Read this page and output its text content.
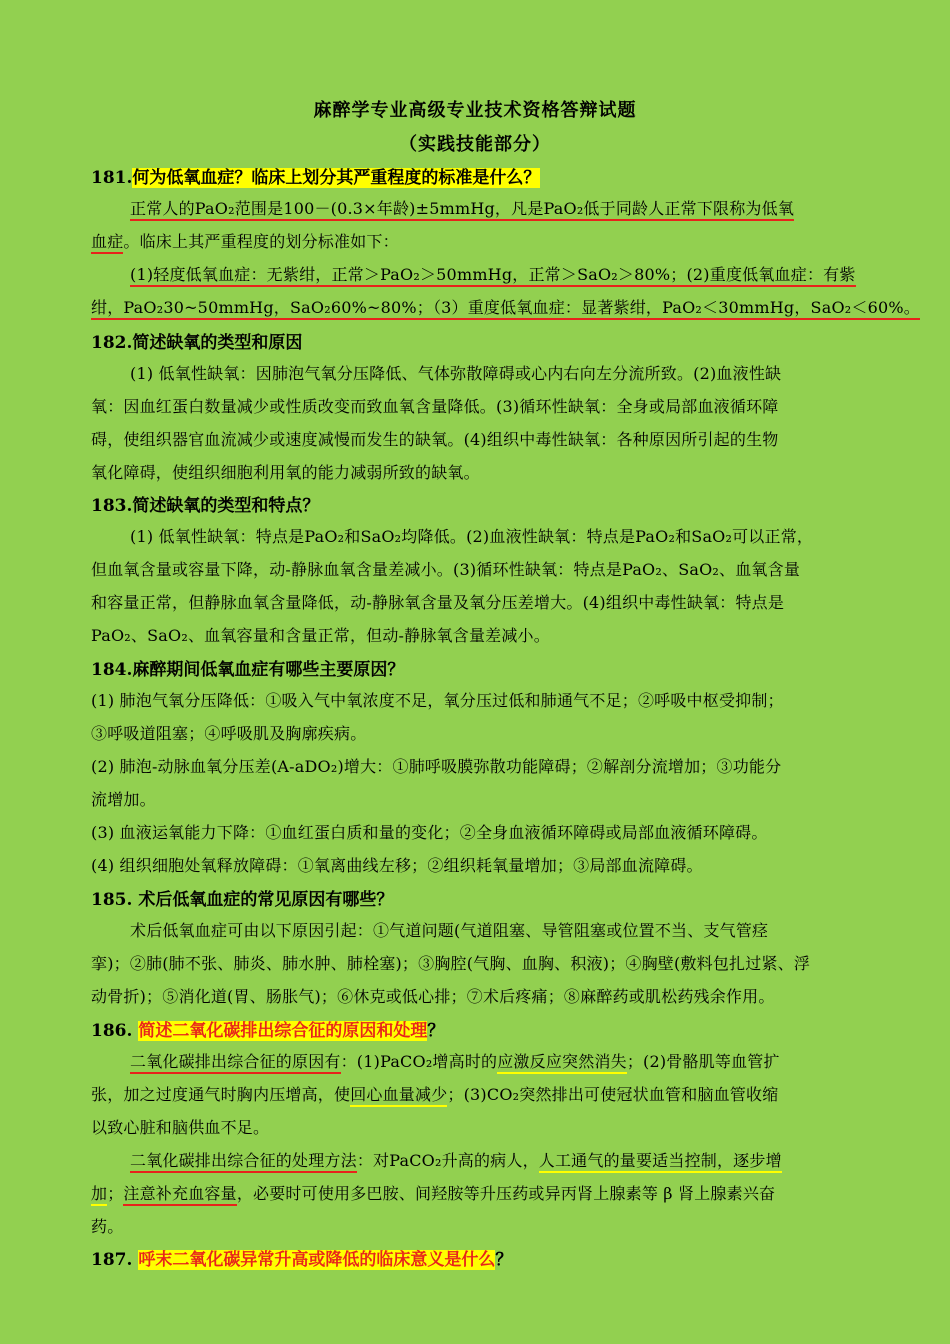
麻醉学专业高级专业技术资格答辩试题
（实践技能部分）
181.何为低氧血症？临床上划分其严重程度的标准是什么？
正常人的PaO₂范围是100－(0.3×年龄)±5mmHg，凡是PaO₂低于同龄人正常下限称为低氧
血症。临床上其严重程度的划分标准如下：
(1)轻度低氧血症：无紫绀，正常＞PaO₂＞50mmHg，正常＞SaO₂＞80%；(2)重度低氧血症：有紫
绀，PaO₂30~50mmHg，SaO₂60%~80%；（3）重度低氧血症：显著紫绀，PaO₂＜30mmHg，SaO₂＜60%。
182.简述缺氧的类型和原因
(1) 低氧性缺氧：因肺泡气氧分压降低、气体弥散障碍或心内右向左分流所致。(2)血液性缺
氧：因血红蛋白数量减少或性质改变而致血氧含量降低。(3)循环性缺氧：全身或局部血液循环障
碍，使组织器官血流减少或速度减慢而发生的缺氧。(4)组织中毒性缺氧：各种原因所引起的生物
氧化障碍，使组织细胞利用氧的能力减弱所致的缺氧。
183.简述缺氧的类型和特点？
(1) 低氧性缺氧：特点是PaO₂和SaO₂均降低。(2)血液性缺氧：特点是PaO₂和SaO₂可以正常，
但血氧含量或容量下降，动-静脉血氧含量差减小。(3)循环性缺氧：特点是PaO₂、SaO₂、血氧含量
和容量正常，但静脉血氧含量降低，动-静脉氧含量及氧分压差增大。(4)组织中毒性缺氧：特点是
PaO₂、SaO₂、血氧容量和含量正常，但动-静脉氧含量差减小。
184.麻醉期间低氧血症有哪些主要原因？
(1) 肺泡气氧分压降低：①吸入气中氧浓度不足，氧分压过低和肺通气不足；②呼吸中枢受抑制；
③呼吸道阻塞；④呼吸肌及胸廓疾病。
(2) 肺泡-动脉血氧分压差(A-aDO₂)增大：①肺呼吸膜弥散功能障碍；②解剖分流增加；③功能分
流增加。
(3) 血液运氧能力下降：①血红蛋白质和量的变化；②全身血液循环障碍或局部血液循环障碍。
(4) 组织细胞处氧释放障碍：①氧离曲线左移；②组织耗氧量增加；③局部血流障碍。
185. 术后低氧血症的常见原因有哪些？
术后低氧血症可由以下原因引起：①气道问题(气道阻塞、导管阻塞或位置不当、支气管痉
挛)；②肺(肺不张、肺炎、肺水肿、肺栓塞)；③胸腔(气胸、血胸、积液)；④胸壁(敷料包扎过紧、浮
动骨折)；⑤消化道(胃、肠胀气)；⑥休克或低心排；⑦术后疼痛；⑧麻醉药或肌松药残余作用。
186. 简述二氧化碳排出综合征的原因和处理？
二氧化碳排出综合征的原因有：(1)PaCO₂增高时的应激反应突然消失；(2)骨骼肌等血管扩
张，加之过度通气时胸内压增高，使回心血量减少；(3)CO₂突然排出可使冠状血管和脑血管收缩
以致心脏和脑供血不足。
二氧化碳排出综合征的处理方法：对PaCO₂升高的病人，人工通气的量要适当控制，逐步增
加；注意补充血容量，必要时可使用多巴胺、间羟胺等升压药或异丙肾上腺素等 β 肾上腺素兴奋
药。
187. 呼末二氧化碳异常升高或降低的临床意义是什么？
